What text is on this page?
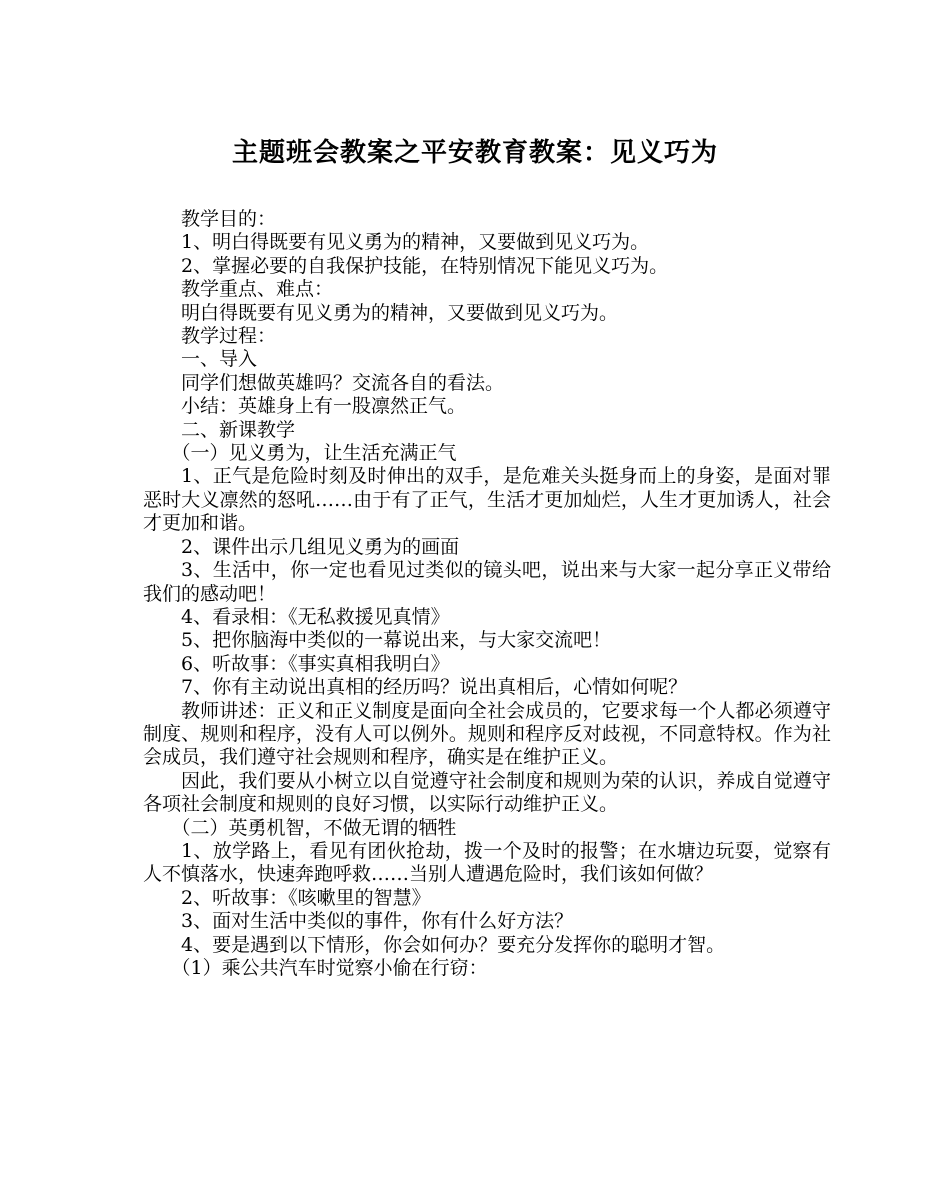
主题班会教案之平安教育教案：见义巧为

教学目的：

1、明白得既要有见义勇为的精神，又要做到见义巧为。

2、掌握必要的自我保护技能，在特别情况下能见义巧为。

教学重点、难点：

明白得既要有见义勇为的精神，又要做到见义巧为。

教学过程：

一、导入

同学们想做英雄吗？交流各自的看法。

小结：英雄身上有一股凛然正气。

二、新课教学

（一）见义勇为，让生活充满正气

1、正气是危险时刻及时伸出的双手，是危难关头挺身而上的身姿，是面对罪恶时大义凛然的怒吼……由于有了正气，生活才更加灿烂，人生才更加诱人，社会才更加和谐。

2、课件出示几组见义勇为的画面

3、生活中，你一定也看见过类似的镜头吧，说出来与大家一起分享正义带给我们的感动吧！

4、看录相：《无私救援见真情》

5、把你脑海中类似的一幕说出来，与大家交流吧！

6、听故事：《事实真相我明白》

7、你有主动说出真相的经历吗？说出真相后，心情如何呢？

教师讲述：正义和正义制度是面向全社会成员的，它要求每一个人都必须遵守制度、规则和程序，没有人可以例外。规则和程序反对歧视，不同意特权。作为社会成员，我们遵守社会规则和程序，确实是在维护正义。

因此，我们要从小树立以自觉遵守社会制度和规则为荣的认识，养成自觉遵守各项社会制度和规则的良好习惯，以实际行动维护正义。

（二）英勇机智，不做无谓的牺牲

1、放学路上，看见有团伙抢劫，拨一个及时的报警；在水塘边玩耍，觉察有人不慎落水，快速奔跑呼救……当别人遭遇危险时，我们该如何做？

2、听故事：《咳嗽里的智慧》

3、面对生活中类似的事件，你有什么好方法？

4、要是遇到以下情形，你会如何办？要充分发挥你的聪明才智。

（1）乘公共汽车时觉察小偷在行窃：
